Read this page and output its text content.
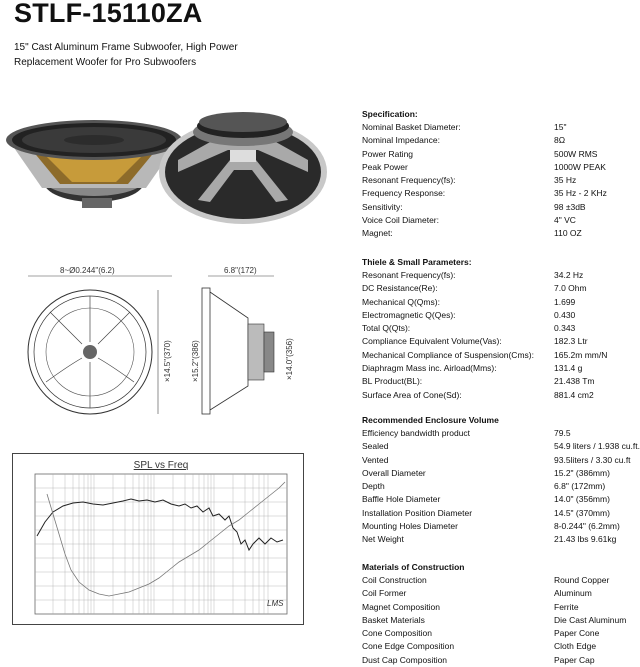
STLF-15110ZA
15" Cast Aluminum Frame Subwoofer, High Power Replacement Woofer for Pro Subwoofers
8~Ø0.244"(6.2)
×14.5"(370)
6.8"(172)
×15.2"(386)	×14.0"(356)
SPL vs Freq
LMS
Specification:
Nominal Basket Diameter:	15"
Nominal Impedance:	8Ω
Power Rating	500W RMS
Peak Power	1000W PEAK
Resonant Frequency(fs):	35 Hz
Frequency Response:	35 Hz - 2 KHz
Sensitivity:	98 ±3dB
Voice Coil Diameter:	4" VC
Magnet:	110 OZ
Thiele & Small Parameters:
Resonant Frequency(fs):	34.2 Hz
DC Resistance(Re):	7.0 Ohm
Mechanical Q(Qms):	1.699
Electromagnetic Q(Qes):	0.430
Total Q(Qts):	0.343
Compliance Equivalent Volume(Vas):	182.3 Ltr
Mechanical Compliance of Suspension(Cms): 165.2m mm/N
Diaphragm Mass inc. Airload(Mms):	131.4 g
BL Product(BL):	21.438 Tm
Surface Area of Cone(Sd):	881.4 cm2
Recommended Enclosure Volume
Efficiency bandwidth product	79.5
Sealed	54.9 liters / 1.938 cu.ft.
Vented	93.5liters / 3.30 cu.ft
Overall Diameter	15.2" (386mm)
Depth	6.8" (172mm)
Baffle Hole Diameter	14.0" (356mm)
Installation Position Diameter	14.5" (370mm)
Mounting Holes Diameter	8-0.244" (6.2mm)
Net Weight	21.43 lbs 9.61kg
Materials of Construction
Coil Construction	Round Copper
Coil Former	Aluminum
Magnet Composition	Ferrite
Basket Materials	Die Cast Aluminum
Cone Composition	Paper Cone
Cone Edge Composition	Cloth Edge
Dust Cap Composition	Paper Cap
